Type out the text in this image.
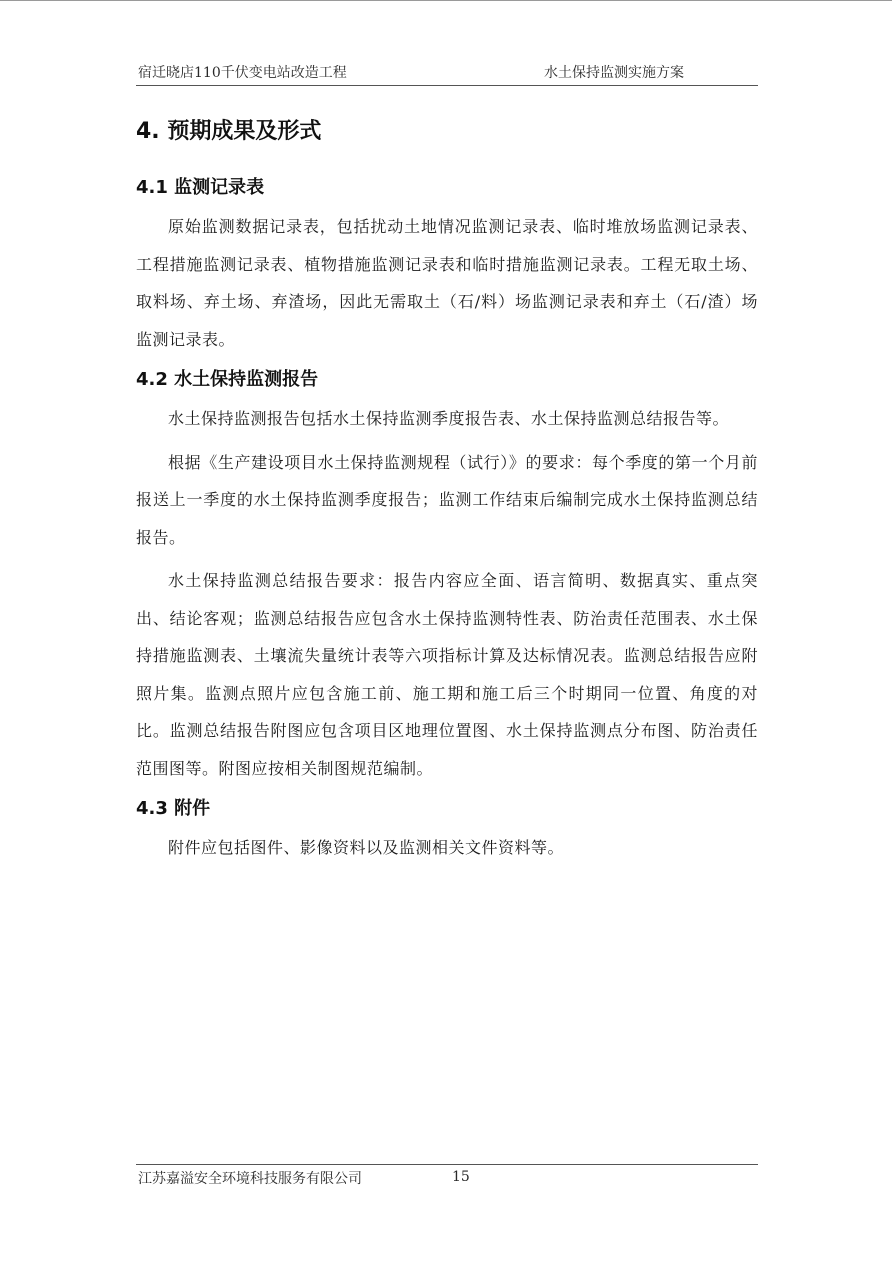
宿迁晓店110千伏变电站改造工程	水土保持监测实施方案
4. 预期成果及形式
4.1 监测记录表

原始监测数据记录表，包括扰动土地情况监测记录表、临时堆放场监测记录表、工程措施监测记录表、植物措施监测记录表和临时措施监测记录表。工程无取土场、取料场、弃土场、弃渣场，因此无需取土（石/料）场监测记录表和弃土（石/渣）场监测记录表。

4.2 水土保持监测报告

水土保持监测报告包括水土保持监测季度报告表、水土保持监测总结报告等。

根据《生产建设项目水土保持监测规程（试行）》的要求：每个季度的第一个月前报送上一季度的水土保持监测季度报告；监测工作结束后编制完成水土保持监测总结报告。

水土保持监测总结报告要求：报告内容应全面、语言简明、数据真实、重点突出、结论客观；监测总结报告应包含水土保持监测特性表、防治责任范围表、水土保持措施监测表、土壤流失量统计表等六项指标计算及达标情况表。监测总结报告应附照片集。监测点照片应包含施工前、施工期和施工后三个时期同一位置、角度的对比。监测总结报告附图应包含项目区地理位置图、水土保持监测点分布图、防治责任范围图等。附图应按相关制图规范编制。

4.3 附件

附件应包括图件、影像资料以及监测相关文件资料等。

江苏嘉溢安全环境科技服务有限公司	15
